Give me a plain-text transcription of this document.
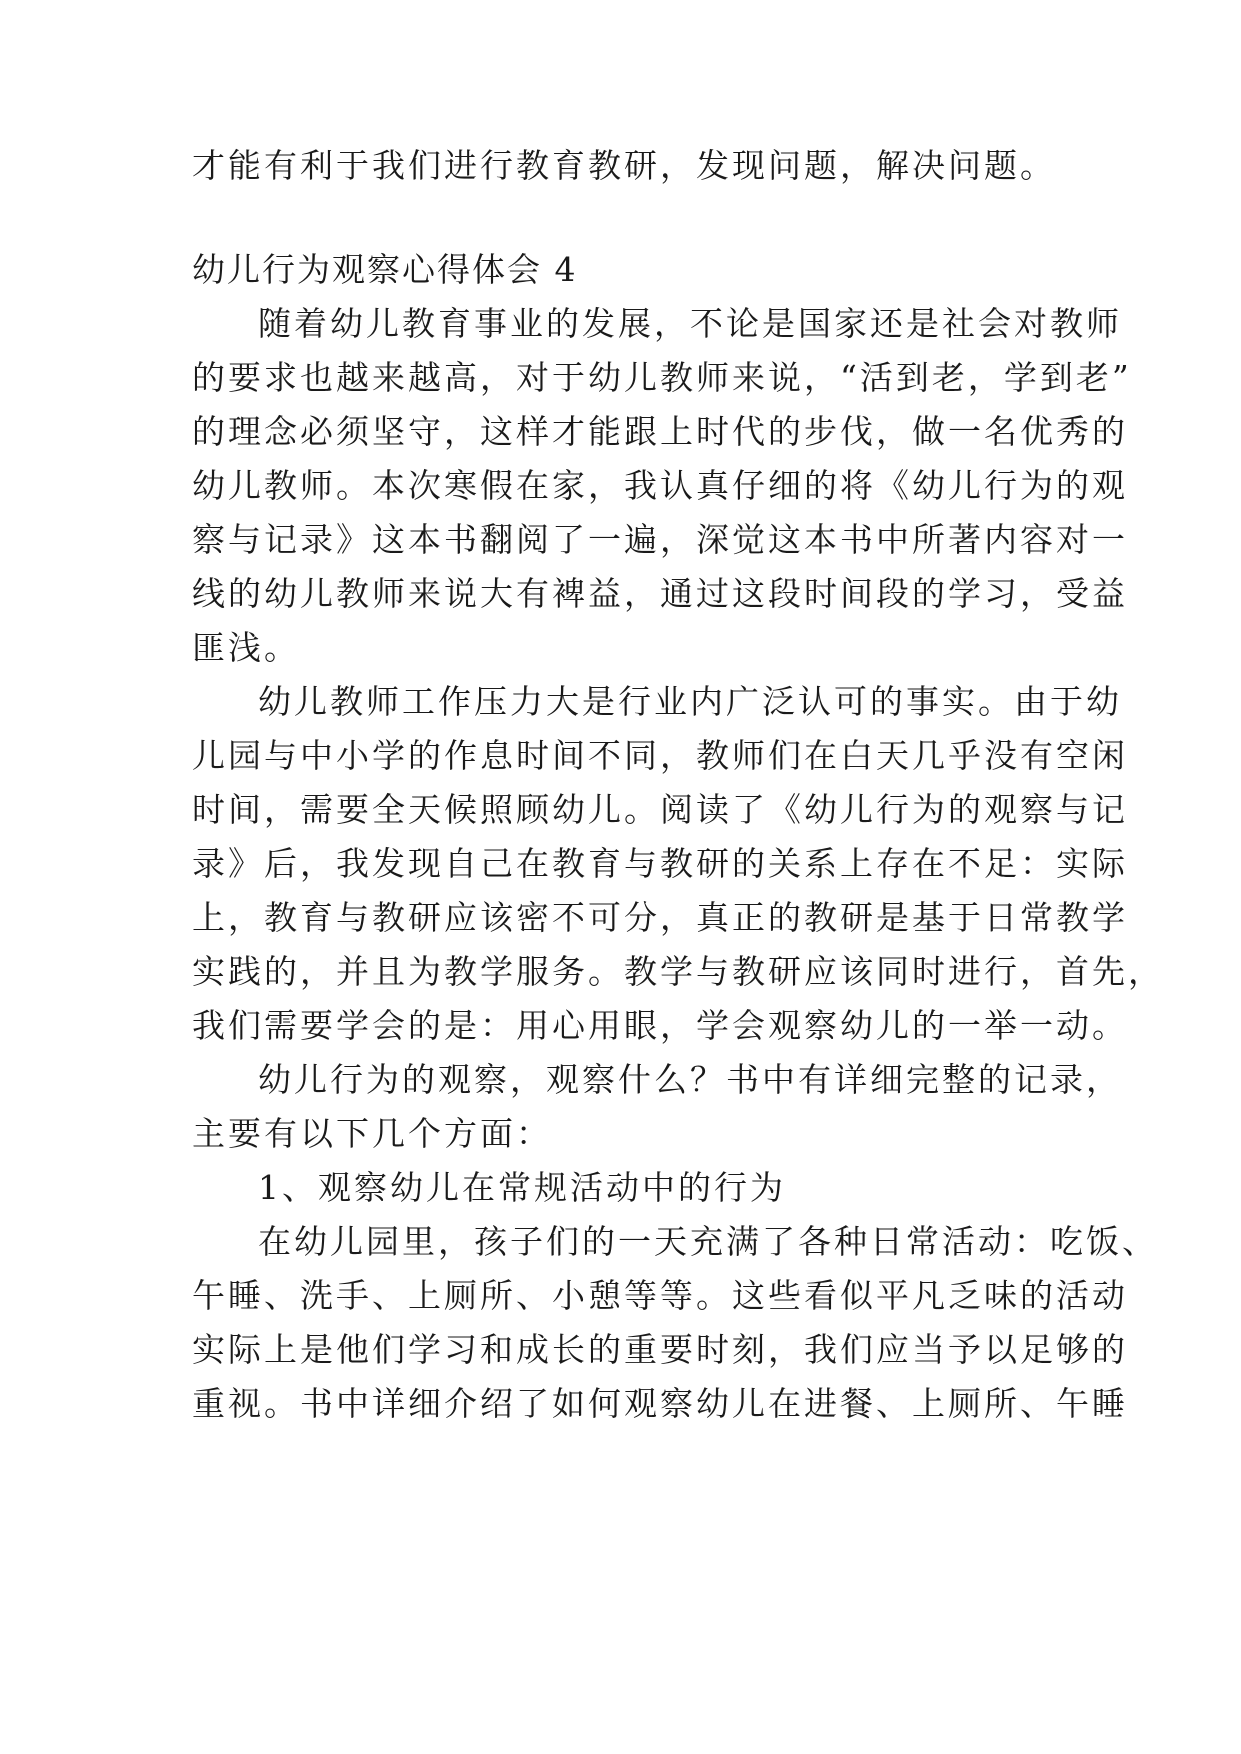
才能有利于我们进行教育教研，发现问题，解决问题。

幼儿行为观察心得体会 4

随着幼儿教育事业的发展，不论是国家还是社会对教师

的要求也越来越高，对于幼儿教师来说，“活到老，学到老”

的理念必须坚守，这样才能跟上时代的步伐，做一名优秀的

幼儿教师。本次寒假在家，我认真仔细的将《幼儿行为的观

察与记录》这本书翻阅了一遍，深觉这本书中所著内容对一

线的幼儿教师来说大有裨益，通过这段时间段的学习，受益

匪浅。

幼儿教师工作压力大是行业内广泛认可的事实。由于幼

儿园与中小学的作息时间不同，教师们在白天几乎没有空闲

时间，需要全天候照顾幼儿。阅读了《幼儿行为的观察与记

录》后，我发现自己在教育与教研的关系上存在不足：实际

上，教育与教研应该密不可分，真正的教研是基于日常教学

实践的，并且为教学服务。教学与教研应该同时进行，首先，

我们需要学会的是：用心用眼，学会观察幼儿的一举一动。

幼儿行为的观察，观察什么？书中有详细完整的记录，

主要有以下几个方面：

1、观察幼儿在常规活动中的行为

在幼儿园里，孩子们的一天充满了各种日常活动：吃饭、

午睡、洗手、上厕所、小憩等等。这些看似平凡乏味的活动

实际上是他们学习和成长的重要时刻，我们应当予以足够的

重视。书中详细介绍了如何观察幼儿在进餐、上厕所、午睡
